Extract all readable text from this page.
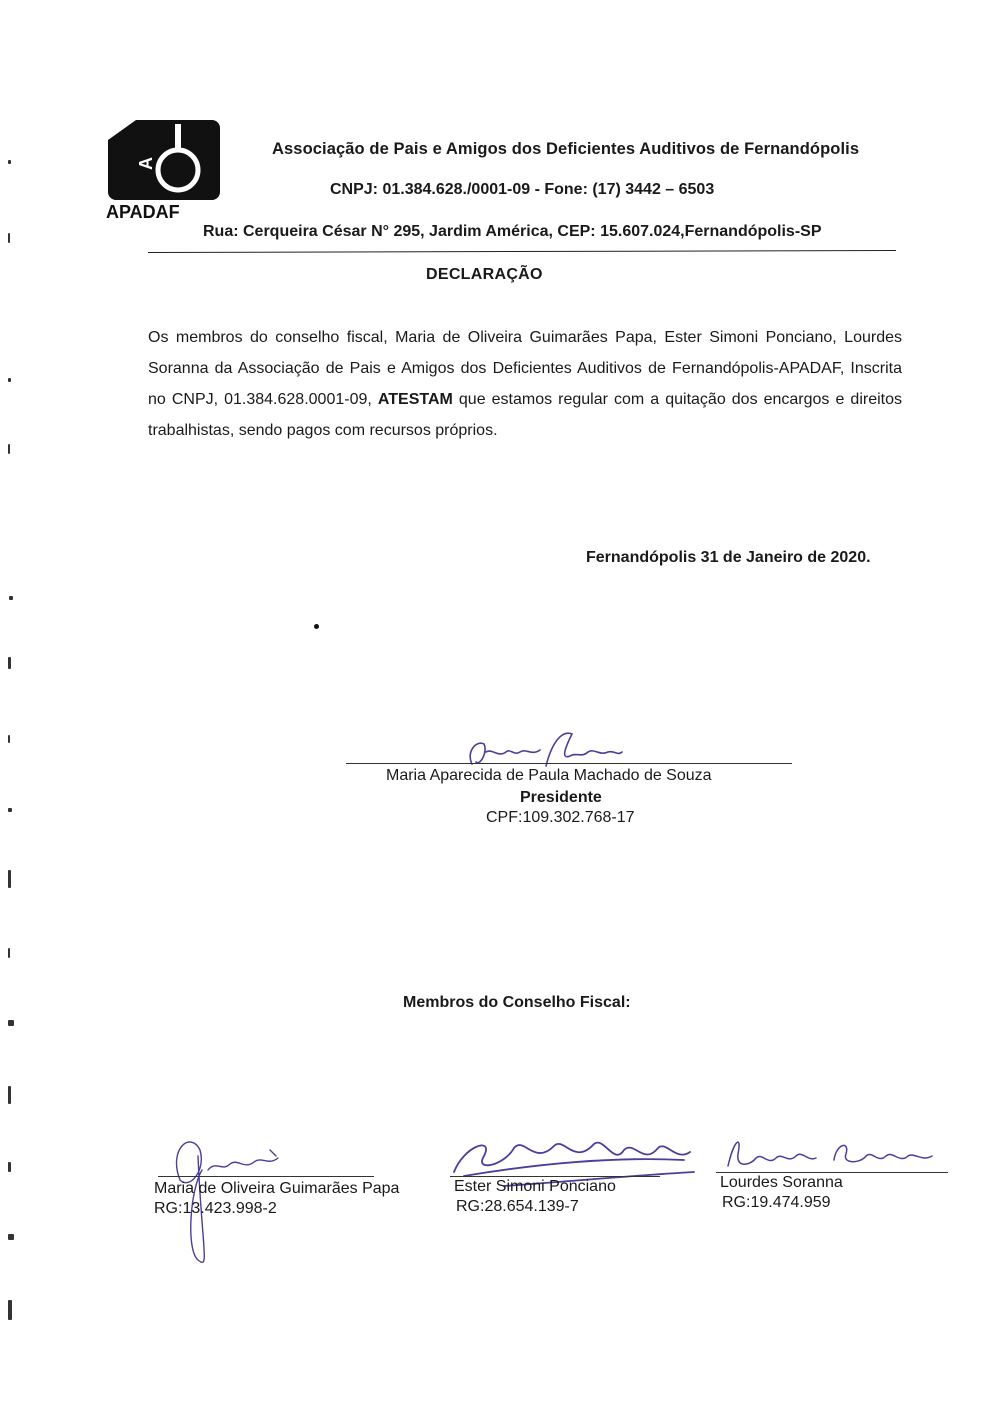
A
APADAF
Associação de Pais e Amigos dos Deficientes Auditivos de Fernandópolis
CNPJ: 01.384.628./0001-09 - Fone: (17) 3442 – 6503
Rua: Cerqueira César N° 295, Jardim América, CEP: 15.607.024,Fernandópolis-SP
DECLARAÇÃO
Os membros do conselho fiscal, Maria de Oliveira Guimarães Papa, Ester Simoni Ponciano, Lourdes Soranna da Associação de Pais e Amigos dos Deficientes Auditivos de Fernandópolis-APADAF, Inscrita no CNPJ, 01.384.628.0001-09, ATESTAM que estamos regular com a quitação dos encargos e direitos trabalhistas, sendo pagos com recursos próprios.
Fernandópolis 31 de Janeiro de 2020.
Maria Aparecida de Paula Machado de Souza
Presidente
CPF:109.302.768-17
Membros do Conselho Fiscal:
Maria de Oliveira Guimarães Papa
RG:13.423.998-2
Ester Simoni Ponciano
RG:28.654.139-7
Lourdes Soranna
RG:19.474.959
